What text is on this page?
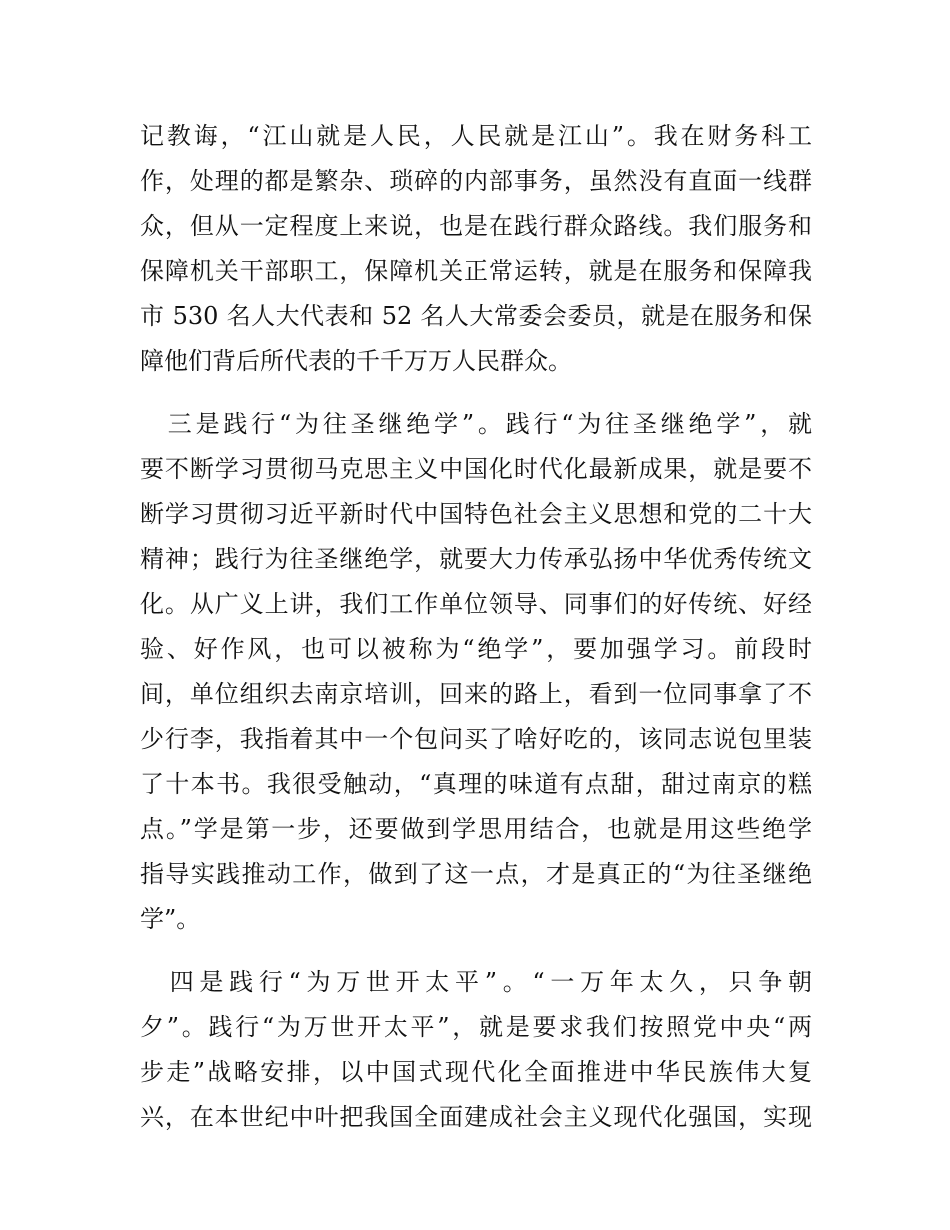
记教诲，“江山就是人民，人民就是江山”。我在财务科工
作，处理的都是繁杂、琐碎的内部事务，虽然没有直面一线群
众，但从一定程度上来说，也是在践行群众路线。我们服务和
保障机关干部职工，保障机关正常运转，就是在服务和保障我
市 530 名人大代表和 52 名人大常委会委员，就是在服务和保
障他们背后所代表的千千万万人民群众。
　三是践行“为往圣继绝学”。践行“为往圣继绝学”，就
要不断学习贯彻马克思主义中国化时代化最新成果，就是要不
断学习贯彻习近平新时代中国特色社会主义思想和党的二十大
精神；践行为往圣继绝学，就要大力传承弘扬中华优秀传统文
化。从广义上讲，我们工作单位领导、同事们的好传统、好经
验、好作风，也可以被称为“绝学”，要加强学习。前段时
间，单位组织去南京培训，回来的路上，看到一位同事拿了不
少行李，我指着其中一个包问买了啥好吃的，该同志说包里装
了十本书。我很受触动，“真理的味道有点甜，甜过南京的糕
点。”学是第一步，还要做到学思用结合，也就是用这些绝学
指导实践推动工作，做到了这一点，才是真正的“为往圣继绝
学”。
　四是践行“为万世开太平”。“一万年太久，只争朝
夕”。践行“为万世开太平”，就是要求我们按照党中央“两
步走”战略安排，以中国式现代化全面推进中华民族伟大复
兴，在本世纪中叶把我国全面建成社会主义现代化强国，实现
